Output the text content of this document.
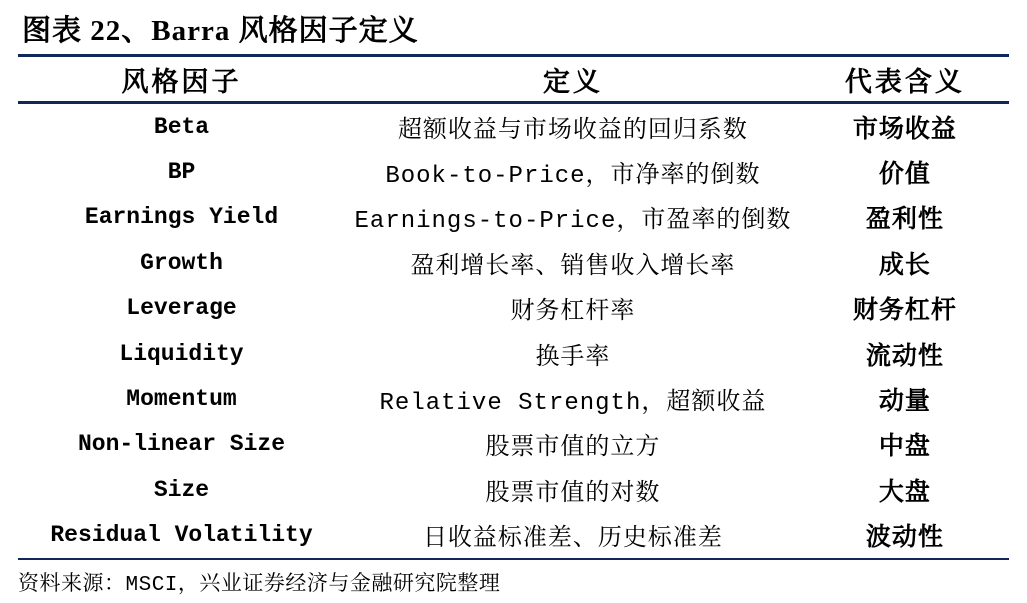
图表 22、Barra 风格因子定义
风格因子	定义	代表含义
Beta	超额收益与市场收益的回归系数	市场收益
BP	Book-to-Price，市净率的倒数	价值
Earnings Yield	Earnings-to-Price，市盈率的倒数	盈利性
Growth	盈利增长率、销售收入增长率	成长
Leverage	财务杠杆率	财务杠杆
Liquidity	换手率	流动性
Momentum	Relative Strength，超额收益	动量
Non-linear Size	股票市值的立方	中盘
Size	股票市值的对数	大盘
Residual Volatility	日收益标准差、历史标准差	波动性
资料来源：MSCI，兴业证券经济与金融研究院整理
